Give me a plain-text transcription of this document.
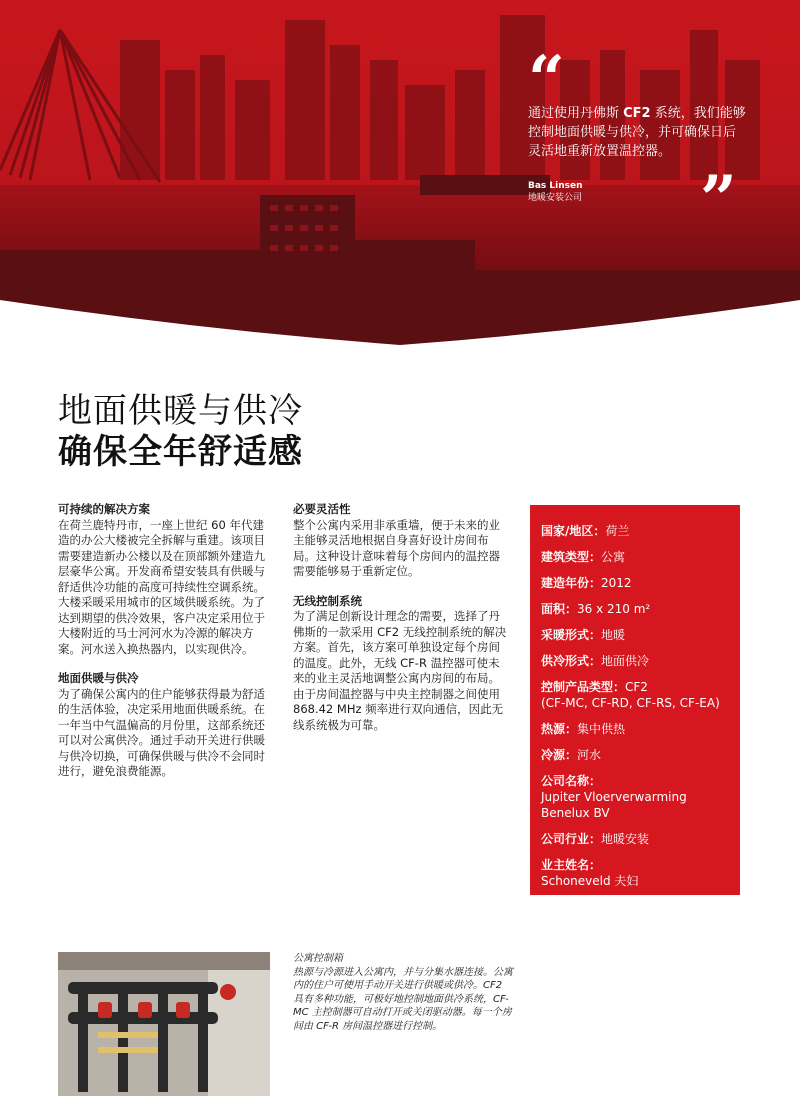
“
通过使用丹佛斯 CF2 系统，我们能够控制地面供暖与供冷，并可确保日后灵活地重新放置温控器。
Bas Linsen
地暖安装公司 ”
地面供暖与供冷
确保全年舒适感
可持续的解决方案

在荷兰鹿特丹市，一座上世纪 60 年代建造的办公大楼被完全拆解与重建。该项目需要建造新办公楼以及在顶部额外建造九层豪华公寓。开发商希望安装具有供暖与舒适供冷功能的高度可持续性空调系统。大楼采暖采用城市的区域供暖系统。为了达到期望的供冷效果，客户决定采用位于大楼附近的马士河河水为冷源的解决方案。河水送入换热器内，以实现供冷。

地面供暖与供冷

为了确保公寓内的住户能够获得最为舒适的生活体验，决定采用地面供暖系统。在一年当中气温偏高的月份里，这部系统还可以对公寓供冷。通过手动开关进行供暖与供冷切换，可确保供暖与供冷不会同时进行，避免浪费能源。

必要灵活性

整个公寓内采用非承重墙，便于未来的业主能够灵活地根据自身喜好设计房间布局。这种设计意味着每个房间内的温控器需要能够易于重新定位。

无线控制系统

为了满足创新设计理念的需要，选择了丹佛斯的一款采用 CF2 无线控制系统的解决方案。首先，该方案可单独设定每个房间的温度。此外，无线 CF-R 温控器可使未来的业主灵活地调整公寓内房间的布局。由于房间温控器与中央主控制器之间使用 868.42 MHz 频率进行双向通信，因此无线系统极为可靠。

国家/地区：荷兰
建筑类型：公寓
建造年份：2012
面积：36 x 210 m²
采暖形式：地暖
供冷形式：地面供冷
控制产品类型：CF2
(CF-MC, CF-RD, CF-RS, CF-EA)
热源：集中供热
冷源：河水
公司名称：
Jupiter Vloerverwarming
Benelux BV
公司行业：地暖安装
业主姓名：
Schoneveld 夫妇
公寓控制箱
热源与冷源进入公寓内，并与分集水器连接。公寓内的住户可使用手动开关进行供暖或供冷。CF2 具有多种功能，可极好地控制地面供冷系统，CF-MC 主控制器可自动打开或关闭驱动器。每一个房间由 CF-R 房间温控器进行控制。
